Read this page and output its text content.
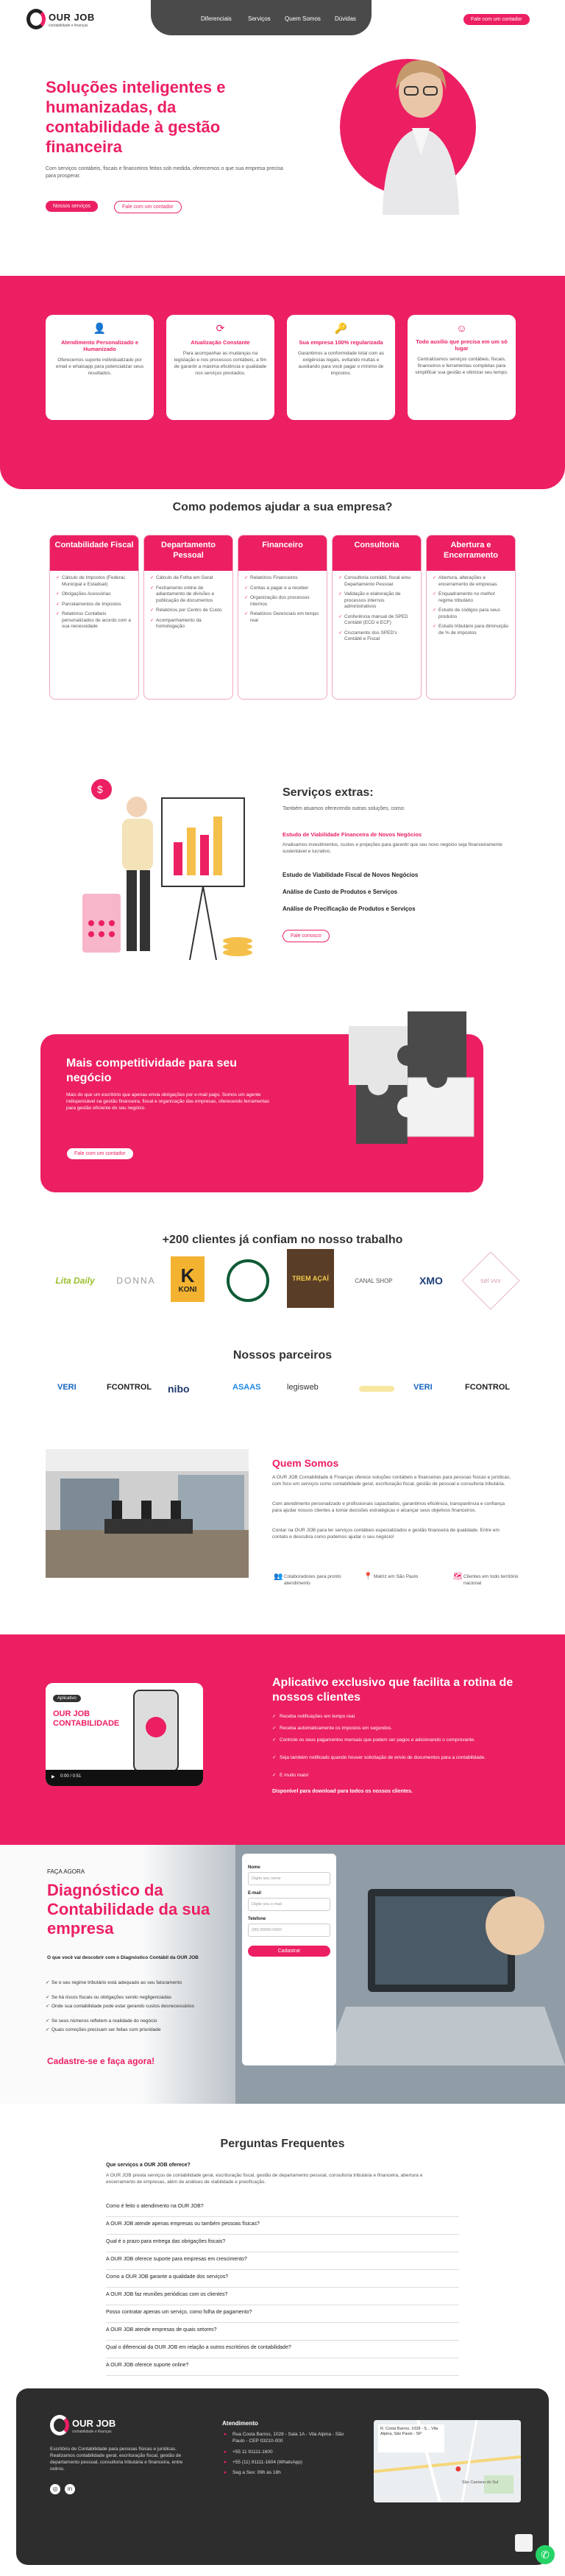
OUR JOB
contabilidade e finanças
Diferenciais	Serviços Quem Somos Dúvidas	Fale com um contador
Soluções inteligentes e humanizadas, da contabilidade à gestão financeira
Com serviços contábeis, fiscais e financeiros feitos sob medida, oferecemos o que sua empresa precisa para prosperar.
Nossos serviços	Fale com um contador
👤
Atendimento Personalizado e Humanizado
Oferecemos suporte individualizado por email e whatsapp para potencializar seus resultados.
⟳
Atualização Constante
Para acompanhar as mudanças na legislação e nos processos contábeis, a fim de garantir a máxima eficiência e qualidade nos serviços prestados.
🔑
Sua empresa 100% regularizada
Garantimos a conformidade total com as exigências legais, evitando multas e auxiliando para você pagar o mínimo de impostos.
☺
Todo auxílio que precisa em um só lugar
Centralizamos serviços contábeis, fiscais, financeiros e ferramentas completas para simplificar sua gestão e otimizar seu tempo.
Como podemos ajudar a sua empresa?
Contabilidade Fiscal
✓ Cálculo de Impostos (Federal, Municipal e Estadual)
✓ Obrigações Acessórias
✓ Parcelamentos de Impostos
✓ Relatórios Contábeis personalizados de acordo com a sua necessidade
Departamento Pessoal
✓ Cálculo da Folha em Geral
✓ Fechamento online de adiantamento de divisões e publicação de documentos
✓ Relatórios por Centro de Custo
✓ Acompanhamento da homologação
Financeiro
✓ Relatórios Financeiros
✓ Contas a pagar e a receber
✓ Organização dos processos internos
✓ Relatórios Gerenciais em tempo real
Consultoria
✓ Consultoria contábil, fiscal e/ou Departamento Pessoal
✓ Validação e elaboração de processos internos administrativos
✓ Conferência manual de SPED Contábil (ECD e ECF)
✓ Cruzamento dos SPED's Contábil e Fiscal
Abertura e Encerramento
✓ Abertura, alterações e encerramento de empresas
✓ Enquadramento no melhor regime tributário
✓ Estudo de códigos para seus produtos
✓ Estudo tributário para diminuição de % de impostos
$	Serviços extras:
Também atuamos oferecendo outras soluções, como:
Estudo de Viabilidade Financeira de Novos Negócios
Analisamos investimentos, custos e projeções para garantir que seu novo negócio seja financeiramente sustentável e lucrativo.
Estudo de Viabilidade Fiscal de Novos Negócios
Análise de Custo de Produtos e Serviços
Análise de Precificação de Produtos e Serviços
Fale conosco
Mais competitividade para seu negócio
Mais do que um escritório que apenas envia obrigações por e-mail pago. Somos um agente indispensável na gestão financeira, fiscal e organização das empresas, oferecendo ferramentas para gestão eficiente do seu negócio.
Fale com um contador
+200 clientes já confiam no nosso trabalho
Lita Daily	DONNA	K
KONI
TREM AÇAÍ	CANAL SHOP	XMO	sel vvv
Nossos parceiros
VERI	FCONTROL nibo	ASAAS	legisweb	VERI	FCONTROL
Quem Somos
A OUR JOB Contabilidade & Finanças oferece soluções contábeis e financeiras para pessoas físicas e jurídicas, com foco em serviços como contabilidade geral, escrituração fiscal, gestão de pessoal e consultoria tributária.
Com atendimento personalizado e profissionais capacitados, garantimos eficiência, transparência e confiança para ajudar nossos clientes a tomar decisões estratégicas e alcançar seus objetivos financeiros.
Contar na OUR JOB para ter serviços contábeis especializados e gestão financeira de qualidade. Entre em contato e descubra como podemos ajudar o seu negócio!
👥 Colaboradores para pronto atendimento
📍 Matriz em São Paulo	🗺 Clientes em todo território nacional
Aplicativo
OUR JOB CONTABILIDADE
▶ 0:00 / 0:51
Aplicativo exclusivo que facilita a rotina de nossos clientes
✓ Receba notificações em tempo real.
✓ Receba automaticamente os impostos em segundos.
✓ Controle os seus pagamentos mensais que podem ser pagos e adicionando o comprovante.
✓ Seja também notificado quando houver solicitação de envio de documentos para a contabilidade.
✓ E muito mais!
Disponível para download para todos os nossos clientes.
FAÇA AGORA
Diagnóstico da Contabilidade da sua empresa
O que você vai descobrir com o Diagnóstico Contábil da OUR JOB
✓ Se o seu regime tributário está adequado ao seu faturamento
✓ Se há riscos fiscais ou obrigações sendo negligenciadas
✓ Onde sua contabilidade pode estar gerando custos desnecessários
✓ Se seus números refletem a realidade do negócio
✓ Quais correções precisam ser feitas com prioridade
Cadastre-se e faça agora!
Nome
Digite seu nome
E-mail
Digite seu e-mail
Telefone
(00) 00000-0000
Cadastrar
Perguntas Frequentes
Que serviços a OUR JOB oferece?
A OUR JOB presta serviços de contabilidade geral, escrituração fiscal, gestão de departamento pessoal, consultoria tributária e financeira, abertura e encerramento de empresas, além de análises de viabilidade e precificação.
Como é feito o atendimento na OUR JOB?
A OUR JOB atende apenas empresas ou também pessoas físicas?
Qual é o prazo para entrega das obrigações fiscais?
A OUR JOB oferece suporte para empresas em crescimento?
Como a OUR JOB garante a qualidade dos serviços?
A OUR JOB faz reuniões periódicas com os clientes?
Posso contratar apenas um serviço, como folha de pagamento?
A OUR JOB atende empresas de quais setores?
Qual o diferencial da OUR JOB em relação a outros escritórios de contabilidade?
A OUR JOB oferece suporte online?
OUR JOB
contabilidade e finanças
Escritório de Contabilidade para pessoas físicas e jurídicas. Realizamos contabilidade geral, escrituração fiscal, gestão de departamento pessoal, consultoria tributária e financeira, entre outros.
◎	in
Atendimento
● Rua Costa Barros, 1028 - Sala 1A - Vila Alpina - São Paulo - CEP 03210-000
● +55 11 91111-1600
● +55 (11) 91111-1604 (WhatsApp)
● Seg a Sex: 09h às 18h
R. Costa Barros, 1028 - S... Vila Alpina, São Paulo - SP
●
São Caetano do Sul
✆
